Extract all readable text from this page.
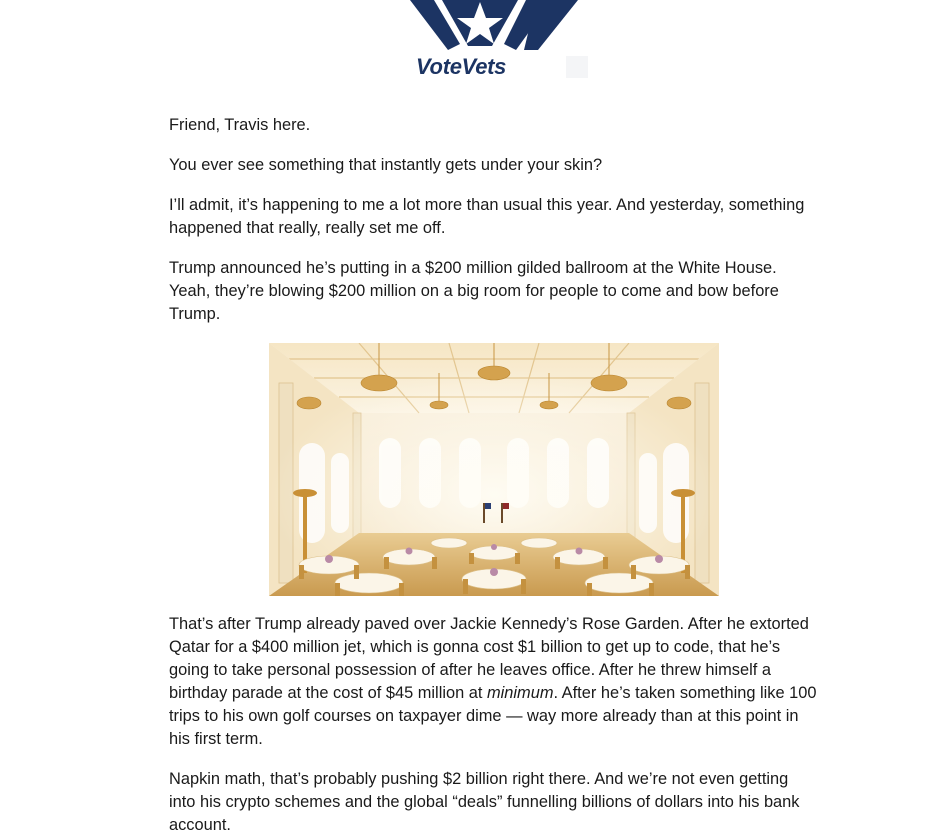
VoteVets

Friend, Travis here.

You ever see something that instantly gets under your skin?

I’ll admit, it’s happening to me a lot more than usual this year. And yesterday, something happened that really, really set me off.

Trump announced he’s putting in a $200 million gilded ballroom at the White House. Yeah, they’re blowing $200 million on a big room for people to come and bow before Trump.

That’s after Trump already paved over Jackie Kennedy’s Rose Garden. After he extorted Qatar for a $400 million jet, which is gonna cost $1 billion to get up to code, that he’s going to take personal possession of after he leaves office. After he threw himself a birthday parade at the cost of $45 million at minimum. After he’s taken something like 100 trips to his own golf courses on taxpayer dime — way more already than at this point in his first term.

Napkin math, that’s probably pushing $2 billion right there. And we’re not even getting into his crypto schemes and the global “deals” funnelling billions of dollars into his bank account.
